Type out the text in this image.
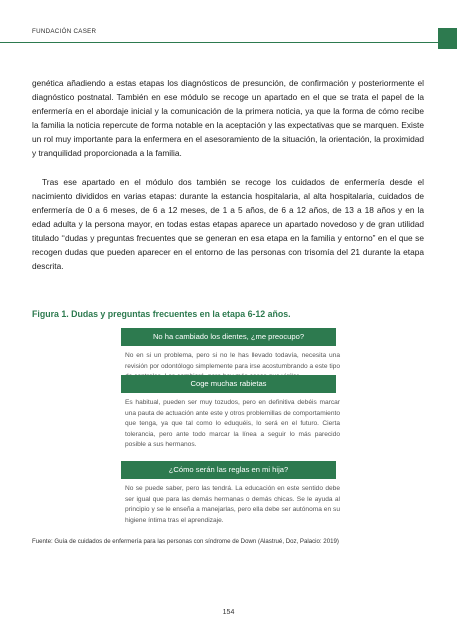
FUNDACIÓN CASER

genética añadiendo a estas etapas los diagnósticos de presunción, de confirmación y posteriormente el diagnóstico postnatal. También en ese módulo se recoge un apartado en el que se trata el papel de la enfermería en el abordaje inicial y la comunicación de la primera noticia, ya que la forma de cómo recibe la familia la noticia repercute de forma notable en la aceptación y las expectativas que se marquen. Existe un rol muy importante para la enfermera en el asesoramiento de la situación, la orientación, la proximidad y tranquilidad proporcionada a la familia.

Tras ese apartado en el módulo dos también se recoge los cuidados de enfermería desde el nacimiento divididos en varias etapas: durante la estancia hospitalaria, al alta hospitalaria, cuidados de enfermería de 0 a 6 meses, de 6 a 12 meses, de 1 a 5 años, de 6 a 12 años, de 13 a 18 años y en la edad adulta y la persona mayor, en todas estas etapas aparece un apartado novedoso y de gran utilidad titulado ‘‘dudas y preguntas frecuentes que se generan en esa etapa en la familia y entorno” en el que se recogen dudas que pueden aparecer en el entorno de las personas con trisomía del 21 durante la etapa descrita.

Figura 1. Dudas y preguntas frecuentes en la etapa 6-12 años.
No ha cambiado los dientes, ¿me preocupo?
No en si un problema, pero si no le has llevado todavía, necesita una revisión por odontólogo simplemente para irse acostumbrando a este tipo
Coge muchas rabietas
Es habitual, pueden ser muy tozudos, pero en definitiva debéis marcar una pauta de actuación ante este y otros problemillas de comportamiento que tenga, ya que tal como lo eduquéis, lo será en el futuro. Cierta tolerancia, pero ante todo marcar la línea a seguir lo más parecido posible a sus hermanos.
¿Cómo serán las reglas en mi hija?
No se puede saber, pero las tendrá. La educación en este sentido debe ser igual que para las demás hermanas o demás chicas. Se le ayuda al principio y se le enseña a manejarlas, pero ella debe ser autónoma en su higiene íntima tras el aprendizaje.
Fuente: Guía de cuidados de enfermería para las personas con síndrome de Down (Alastrué, Doz, Palacio: 2019)
154
